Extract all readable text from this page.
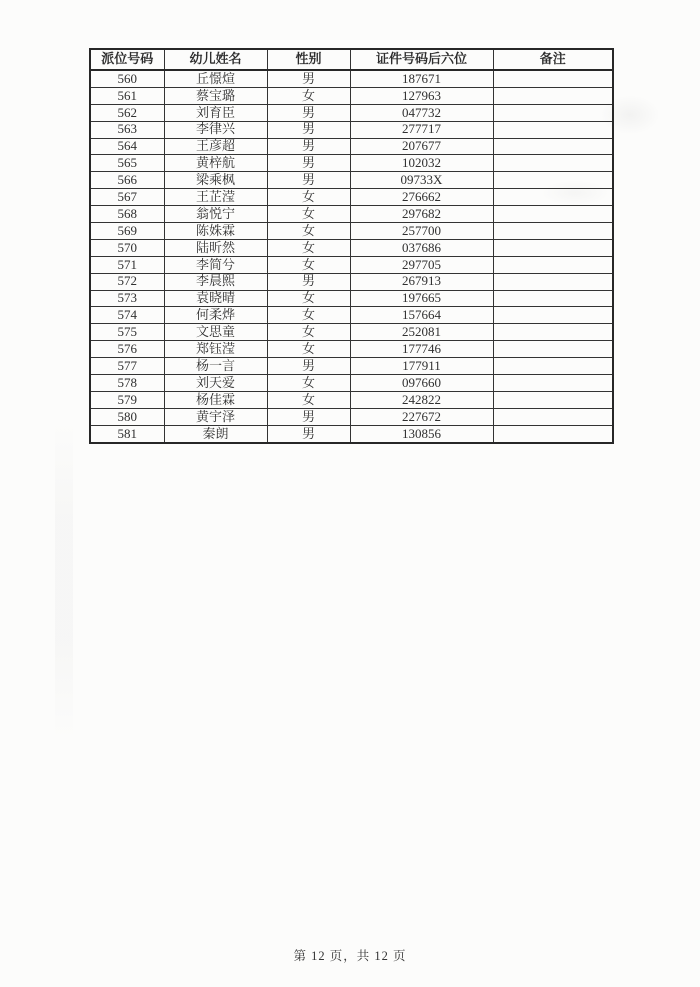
派位号码	幼儿姓名	性别	证件号码后六位	备注
560	丘憬煊	男	187671	
561	蔡宝璐	女	127963	
562	刘育臣	男	047732	
563	李律兴	男	277717	
564	王彦超	男	207677	
565	黄梓航	男	102032	
566	梁乘枫	男	09733X	
567	王芷滢	女	276662	
568	翁悦宁	女	297682	
569	陈姝霖	女	257700	
570	陆昕然	女	037686	
571	李简兮	女	297705	
572	李晨熙	男	267913	
573	袁晓晴	女	197665	
574	何柔烨	女	157664	
575	文思童	女	252081	
576	郑钰滢	女	177746	
577	杨一言	男	177911	
578	刘天爱	女	097660	
579	杨佳霖	女	242822	
580	黄宇泽	男	227672	
581	秦朗	男	130856	
第 12 页，共 12 页
